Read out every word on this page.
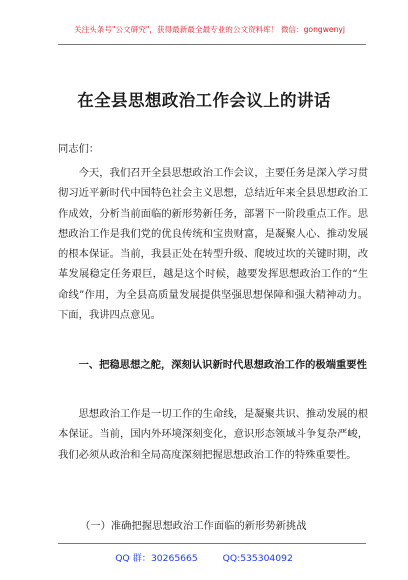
关注头条号"公文研究"，获得最新最全最专业的公文资料库！ 微信：gongwenyj
在全县思想政治工作会议上的讲话
同志们：
今天，我们召开全县思想政治工作会议，主要任务是深入学习贯彻习近平新时代中国特色社会主义思想，总结近年来全县思想政治工作成效，分析当前面临的新形势新任务，部署下一阶段重点工作。思想政治工作是我们党的优良传统和宝贵财富，是凝聚人心、推动发展的根本保证。当前，我县正处在转型升级、爬坡过坎的关键时期，改革发展稳定任务艰巨，越是这个时候，越要发挥思想政治工作的“生命线”作用，为全县高质量发展提供坚强思想保障和强大精神动力。下面，我讲四点意见。
一、把稳思想之舵，深刻认识新时代思想政治工作的极端重要性
思想政治工作是一切工作的生命线，是凝聚共识、推动发展的根本保证。当前，国内外环境深刻变化，意识形态领域斗争复杂严峻，我们必须从政治和全局高度深刻把握思想政治工作的特殊重要性。
（一）准确把握思想政治工作面临的新形势新挑战
QQ 群：30265665	QQ:535304092
